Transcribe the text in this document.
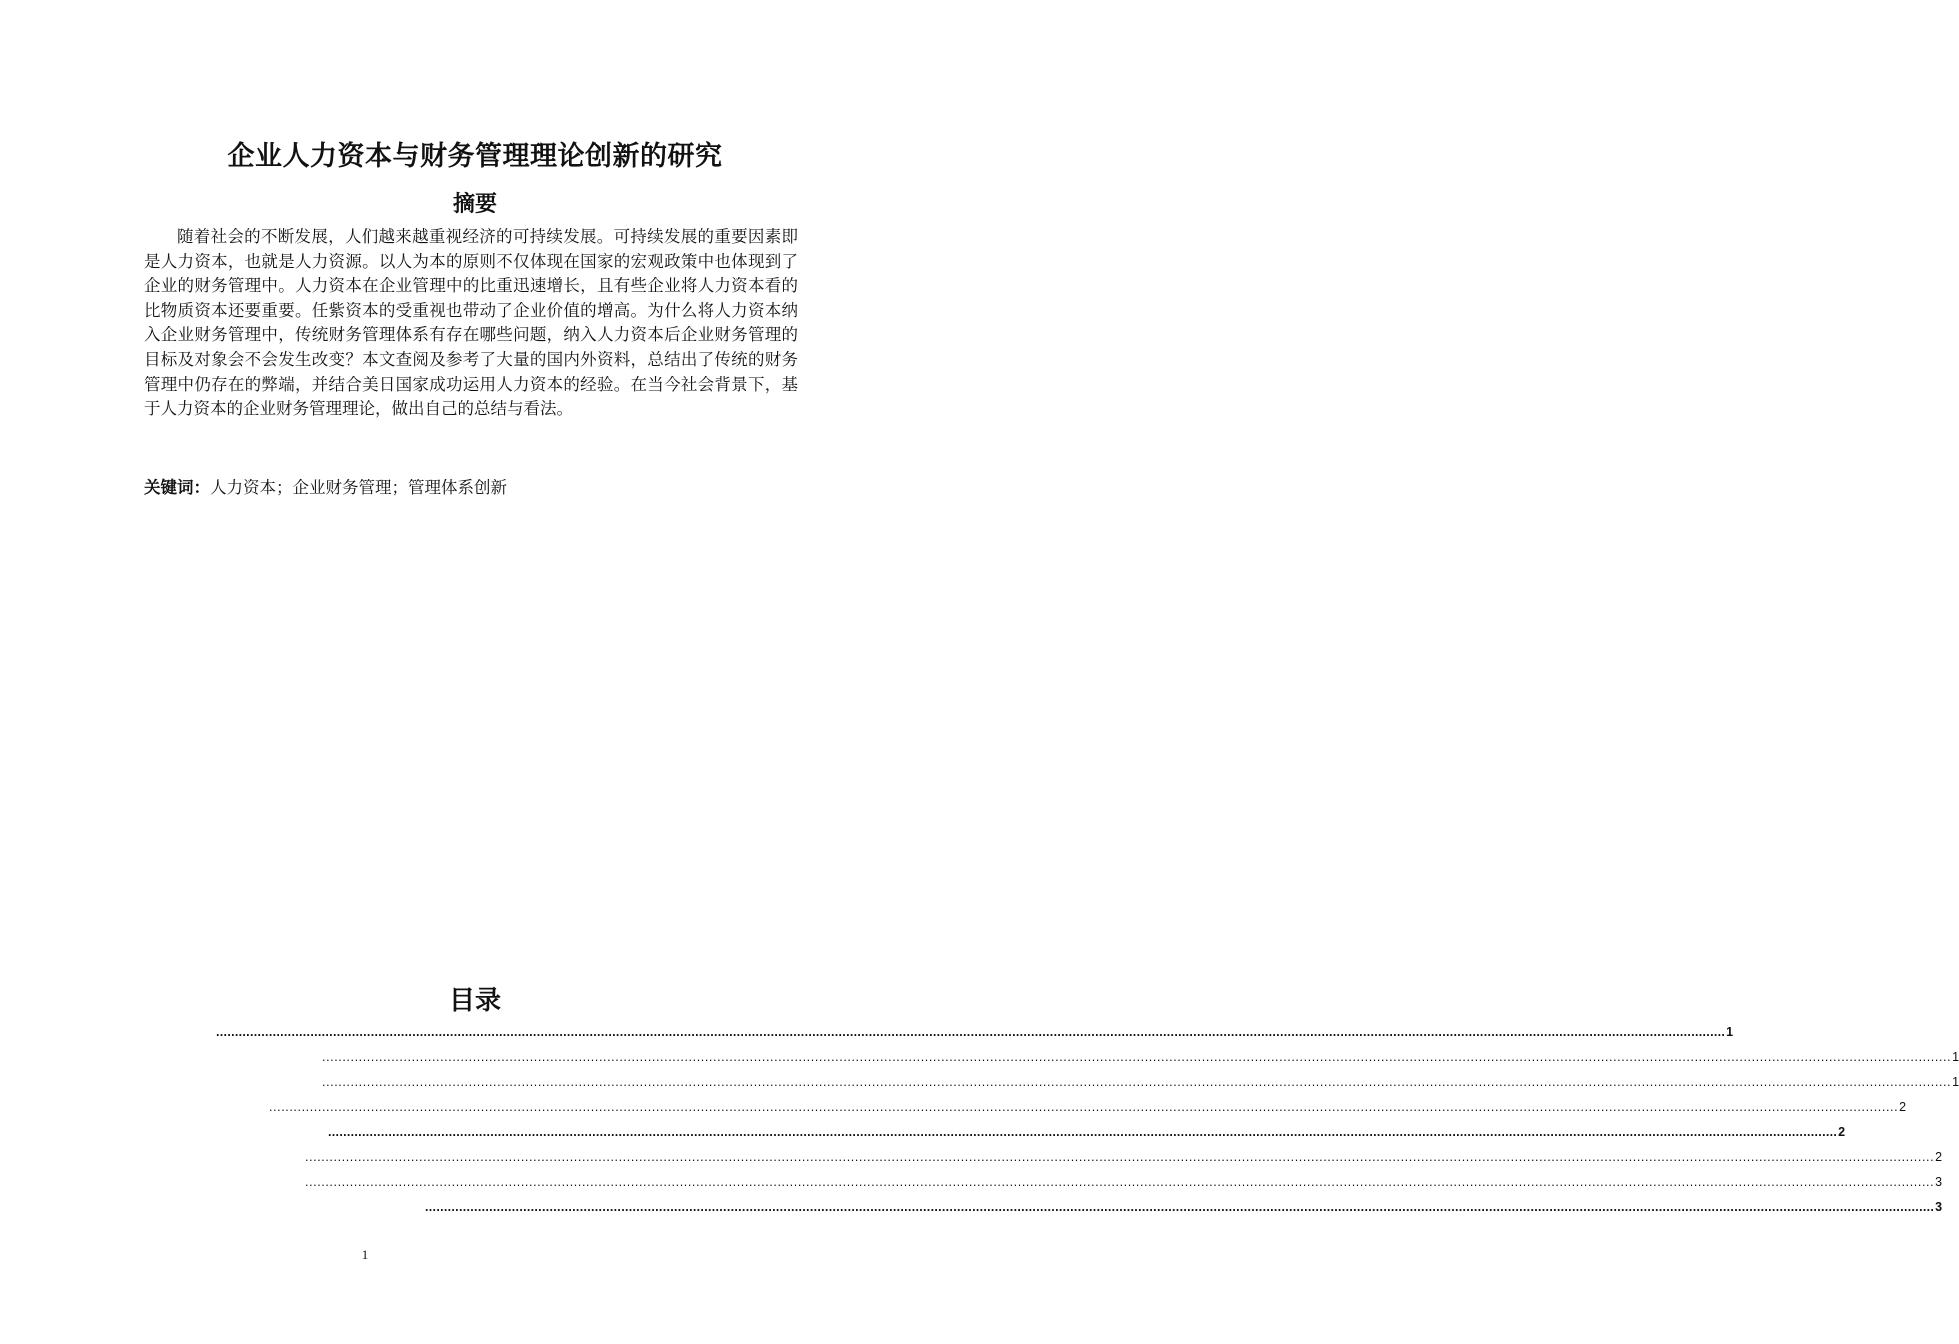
企业人力资本与财务管理理论创新的研究
摘要

随着社会的不断发展，人们越来越重视经济的可持续发展。可持续发展的重要因素即是人力资本，也就是人力资源。以人为本的原则不仅体现在国家的宏观政策中也体现到了企业的财务管理中。人力资本在企业管理中的比重迅速增长，且有些企业将人力资本看的比物质资本还要重要。任紫资本的受重视也带动了企业价值的增高。为什么将人力资本纳入企业财务管理中，传统财务管理体系有存在哪些问题，纳入人力资本后企业财务管理的目标及对象会不会发生改变？本文查阅及参考了大量的国内外资料，总结出了传统的财务管理中仍存在的弊端，并结合美日国家成功运用人力资本的经验。在当今社会背景下，基于人力资本的企业财务管理理论，做出自己的总结与看法。

关键词：人力资本；企业财务管理；管理体系创新

目录
................................................................................................................................................................................................................................................................................................................................................................................................................ 1
................................................................................................................................................................................................................................................................................................................................................................................................................ 1
................................................................................................................................................................................................................................................................................................................................................................................................................ 1
................................................................................................................................................................................................................................................................................................................................................................................................................ 2
................................................................................................................................................................................................................................................................................................................................................................................................................ 2
................................................................................................................................................................................................................................................................................................................................................................................................................ 2
................................................................................................................................................................................................................................................................................................................................................................................................................ 3
................................................................................................................................................................................................................................................................................................................................................................................................................ 3

1
